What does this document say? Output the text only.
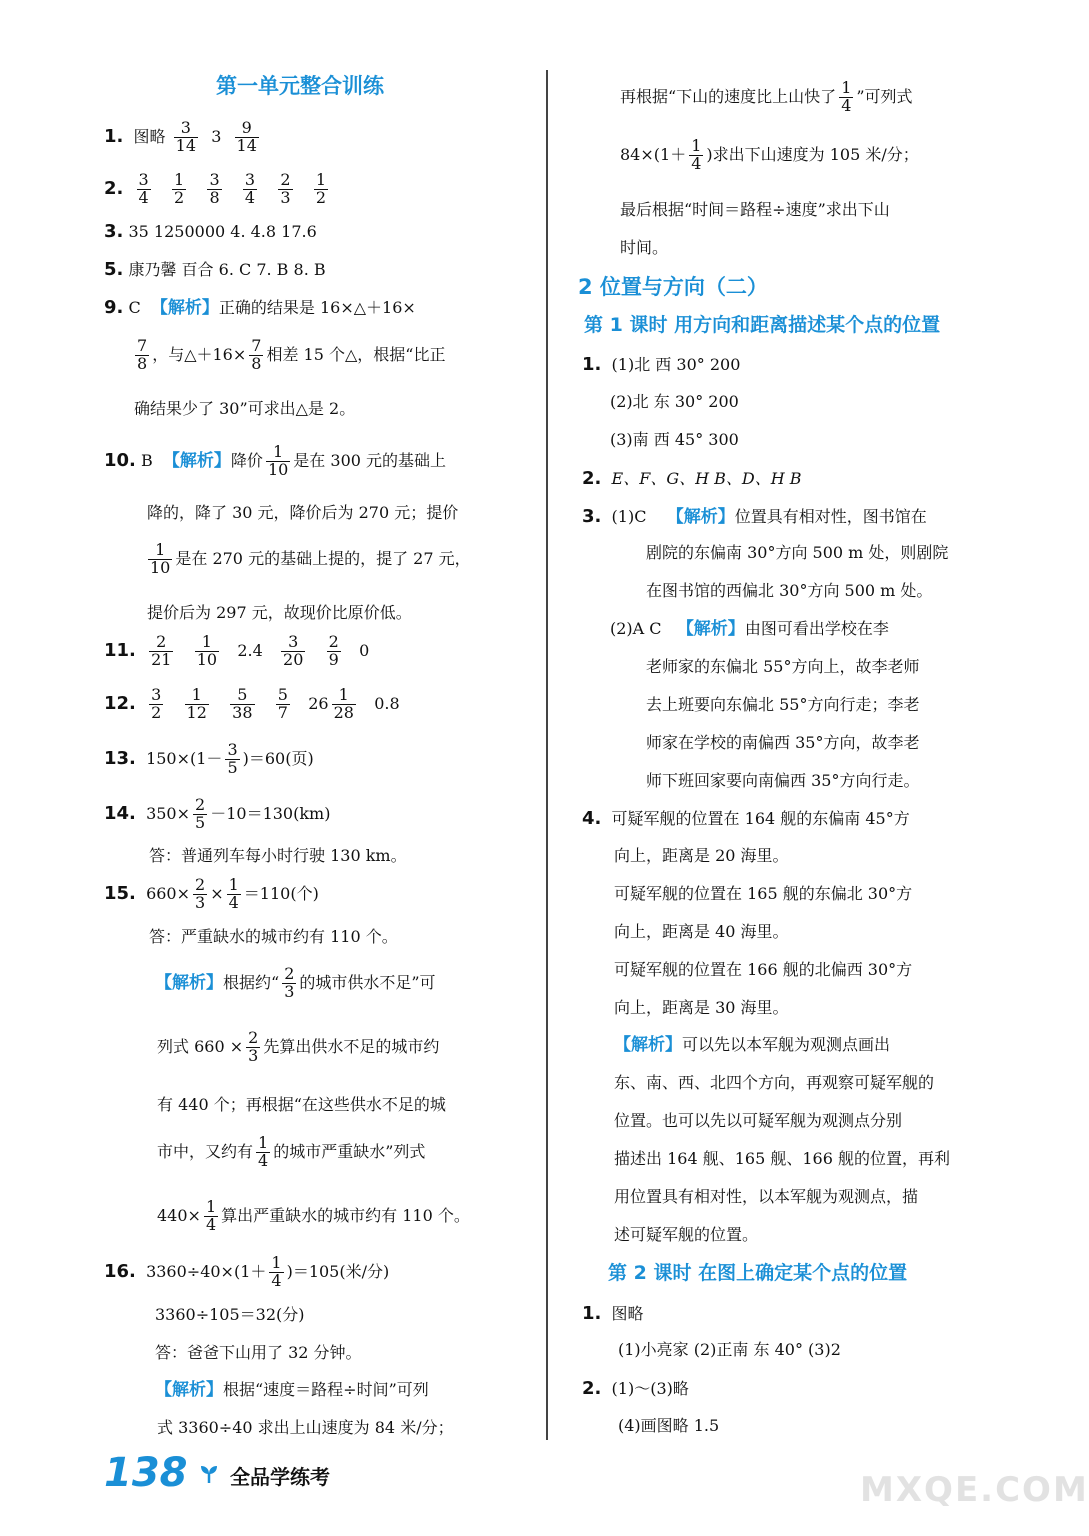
第一单元整合训练
1. 图略 $\frac{3}{14} 3 \frac{9}{14}$
2. $\frac{3}{4}$
$\frac{1}{2}$
$\frac{3}{8}$
$\frac{3}{4}$
$\frac{2}{3}$
$\frac{1}{2}$
3. 35 1250000 4. 4.8 17.6
5. 康乃馨 百合 6. C 7. B 8. B
9. C 【解析】正确的结果是 16×△＋16×
$\frac{7}{8}$ ，与△＋16× $\frac{7}{8}$ 相差 15 个△，根据“比正
确结果少了 30”可求出△是 2。
10. B 【解析】降价 $\frac{1}{10}$ 是在 300 元的基础上
降的，降了 30 元，降价后为 270 元；提价
$\frac{1}{10}$ 是在 270 元的基础上提的，提了 27 元，
提价后为 297 元，故现价比原价低。
11. $\frac{2}{21}$
$\frac{1}{10} 2.4 \frac{3}{20}$
$\frac{2}{9} 0$
12. $\frac{3}{2}$
$\frac{1}{12}$
$\frac{5}{38}$
$\frac{5}{7} 26 \frac{1}{28} 0.8$
13. $150\times(1- \frac{3}{5} )=60$(页)
14. $350\times \frac{2}{5} -10=130(km)$
答：普通列车每小时行驶 130 km。
15. $660\times \frac{2}{3} \times \frac{1}{4} =110$(个)
答：严重缺水的城市约有 110 个。
【解析】根据约“ $\frac{2}{3}$ 的城市供水不足”可
列式 $660 \times \frac{2}{3}$ 先算出供水不足的城市约
有 440 个；再根据“在这些供水不足的城
市中，又约有 $\frac{1}{4}$ 的城市严重缺水”列式
$440\times \frac{1}{4}$ 算出严重缺水的城市约有 110 个。
16. $3360\div 40\times(1+ \frac{1}{4} )=105$(米/分)
3360÷105＝32(分)
答：爸爸下山用了 32 分钟。
【解析】根据“速度＝路程÷时间”可列
式 3360÷40 求出上山速度为 84 米/分；
再根据“下山的速度比上山快了 $\frac{1}{4}$ ”可列式
$84\times(1+ \frac{1}{4}$ )求出下山速度为 105 米/分；
最后根据“时间＝路程÷速度”求出下山
时间。
2 位置与方向（二）
第 1 课时 用方向和距离描述某个点的位置
1. (1)北 西 30° 200
(2)北 东 30° 200
(3)南 西 45° 300
2. E、F、G、H B、D、H B
3. (1)C 【解析】位置具有相对性，图书馆在
剧院的东偏南 30°方向 500 m 处，则剧院
在图书馆的西偏北 30°方向 500 m 处。
(2)A C 【解析】由图可看出学校在李
老师家的东偏北 55°方向上，故李老师
去上班要向东偏北 55°方向行走；李老
师家在学校的南偏西 35°方向，故李老
师下班回家要向南偏西 35°方向行走。
4. 可疑军舰的位置在 164 舰的东偏南 45°方
向上，距离是 20 海里。
可疑军舰的位置在 165 舰的东偏北 30°方
向上，距离是 40 海里。
可疑军舰的位置在 166 舰的北偏西 30°方
向上，距离是 30 海里。
【解析】可以先以本军舰为观测点画出
东、南、西、北四个方向，再观察可疑军舰的
位置。也可以先以可疑军舰为观测点分别
描述出 164 舰、165 舰、166 舰的位置，再利
用位置具有相对性，以本军舰为观测点，描
述可疑军舰的位置。
第 2 课时 在图上确定某个点的位置
1. 图略
(1)小亮家 (2)正南 东 40° (3)2
2. (1)～(3)略
(4)画图略 1.5
138 全品学练考	MXQE.COM
